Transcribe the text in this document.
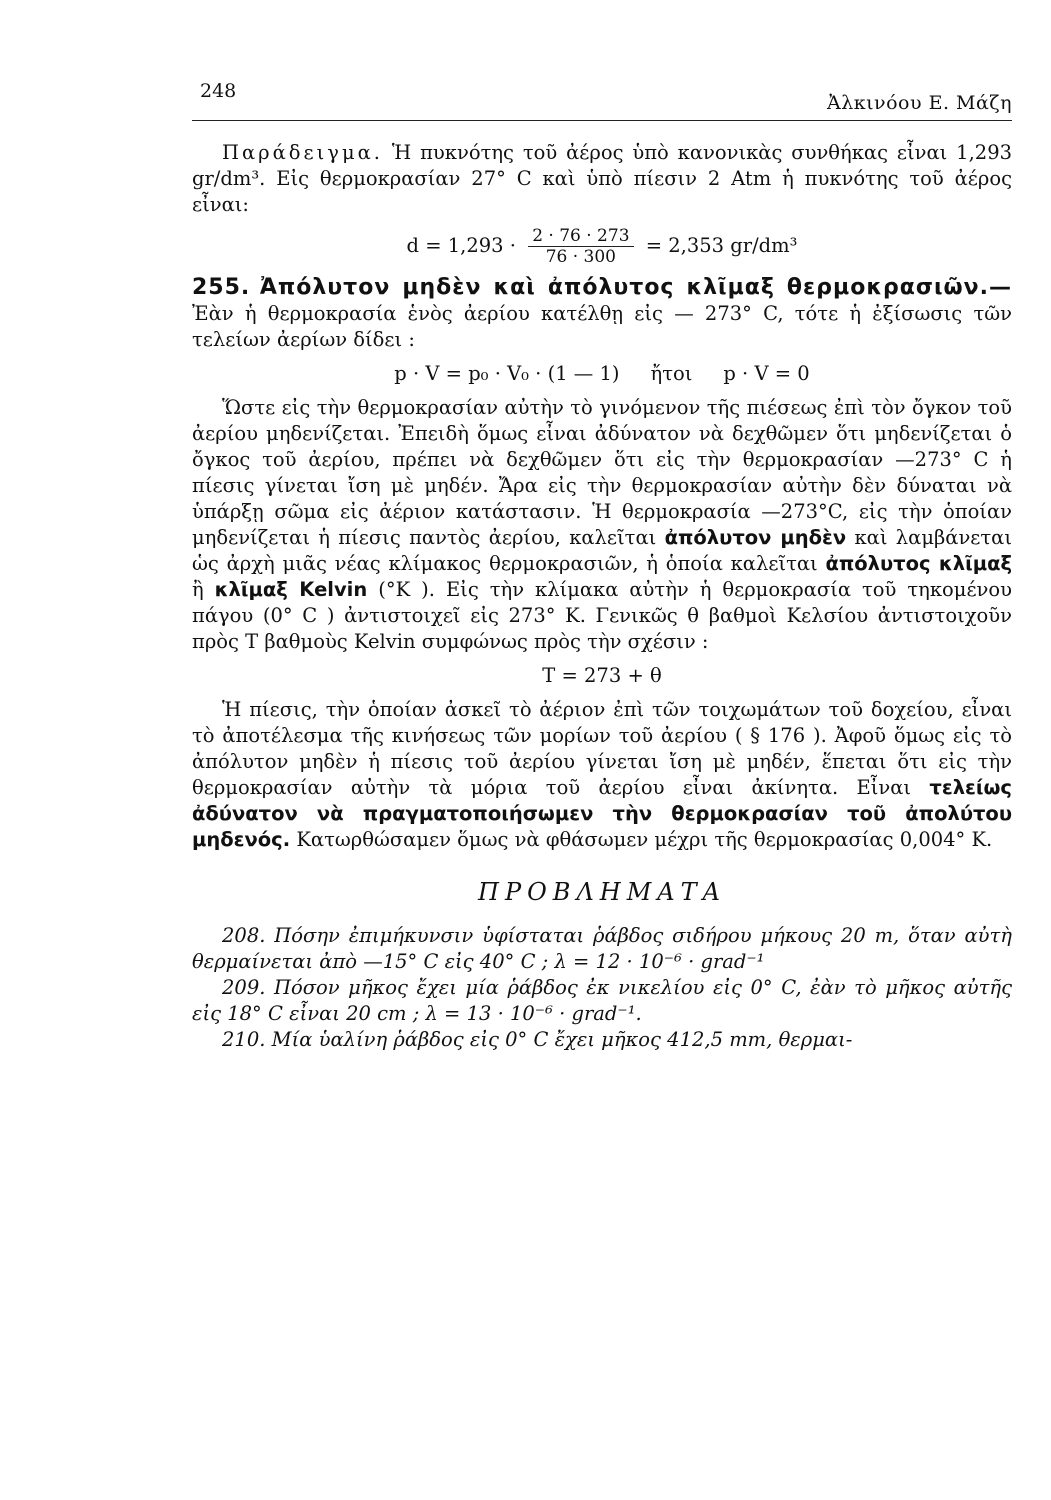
248
Ἀλκινόου Ε. Μάζη

Παράδειγμα. Ἡ πυκνότης τοῦ ἀέρος ὑπὸ κανονικὰς συνθήκας εἶναι 1,293 gr/dm³. Εἰς θερμοκρασίαν 27° C καὶ ὑπὸ πίεσιν 2 Atm ἡ πυκνότης τοῦ ἀέρος εἶναι:

$d = 1,293 \cdot \frac{2 \cdot 76 \cdot 273}{76 \cdot 300} = 2,353$ gr/dm³

255. Ἀπόλυτον μηδὲν καὶ ἀπόλυτος κλῖμαξ θερμοκρασιῶν.— Ἐὰν ἡ θερμοκρασία ἑνὸς ἀερίου κατέλθῃ εἰς — 273° C, τότε ἡ ἐξίσωσις τῶν τελείων ἀερίων δίδει :

p · V = p₀ · V₀ · (1 — 1) ἤτοι p · V = 0

Ὥστε εἰς τὴν θερμοκρασίαν αὐτὴν τὸ γινόμενον τῆς πιέσεως ἐπὶ τὸν ὄγκον τοῦ ἀερίου μηδενίζεται. Ἐπειδὴ ὅμως εἶναι ἀδύνατον νὰ δεχθῶμεν ὅτι μηδενίζεται ὁ ὄγκος τοῦ ἀερίου, πρέπει νὰ δεχθῶμεν ὅτι εἰς τὴν θερμοκρασίαν —273° C ἡ πίεσις γίνεται ἴση μὲ μηδέν. Ἄρα εἰς τὴν θερμοκρασίαν αὐτὴν δὲν δύναται νὰ ὑπάρξῃ σῶμα εἰς ἀέριον κατάστασιν. Ἡ θερμοκρασία —273°C, εἰς τὴν ὁποίαν μηδενίζεται ἡ πίεσις παντὸς ἀερίου, καλεῖται ἀπόλυτον μηδὲν καὶ λαμβάνεται ὡς ἀρχὴ μιᾶς νέας κλίμακος θερμοκρασιῶν, ἡ ὁποία καλεῖται ἀπόλυτος κλῖμαξ ἢ κλῖμαξ Kelvin (°K ). Εἰς τὴν κλίμακα αὐτὴν ἡ θερμοκρασία τοῦ τηκομένου πάγου (0° C ) ἀντιστοιχεῖ εἰς 273° K. Γενικῶς θ βαθμοὶ Κελσίου ἀντιστοιχοῦν πρὸς T βαθμοὺς Kelvin συμφώνως πρὸς τὴν σχέσιν :

T = 273 + θ

Ἡ πίεσις, τὴν ὁποίαν ἀσκεῖ τὸ ἀέριον ἐπὶ τῶν τοιχωμάτων τοῦ δοχείου, εἶναι τὸ ἀποτέλεσμα τῆς κινήσεως τῶν μορίων τοῦ ἀερίου ( § 176 ). Ἀφοῦ ὅμως εἰς τὸ ἀπόλυτον μηδὲν ἡ πίεσις τοῦ ἀερίου γίνεται ἴση μὲ μηδέν, ἕπεται ὅτι εἰς τὴν θερμοκρασίαν αὐτὴν τὰ μόρια τοῦ ἀερίου εἶναι ἀκίνητα. Εἶναι τελείως ἀδύνατον νὰ πραγματοποιήσωμεν τὴν θερμοκρασίαν τοῦ ἀπολύτου μηδενός. Κατωρθώσαμεν ὅμως νὰ φθάσωμεν μέχρι τῆς θερμοκρασίας 0,004° K.

ΠΡΟΒΛΗΜΑΤΑ

208. Πόσην ἐπιμήκυνσιν ὑφίσταται ῥάβδος σιδήρου μήκους 20 m, ὅταν αὐτὴ θερμαίνεται ἀπὸ —15° C εἰς 40° C ; λ = 12 · 10⁻⁶ · grad⁻¹

209. Πόσον μῆκος ἔχει μία ῥάβδος ἐκ νικελίου εἰς 0° C, ἐὰν τὸ μῆκος αὐτῆς εἰς 18° C εἶναι 20 cm ; λ = 13 · 10⁻⁶ · grad⁻¹.

210. Μία ὑαλίνη ῥάβδος εἰς 0° C ἔχει μῆκος 412,5 mm, θερμαι-
